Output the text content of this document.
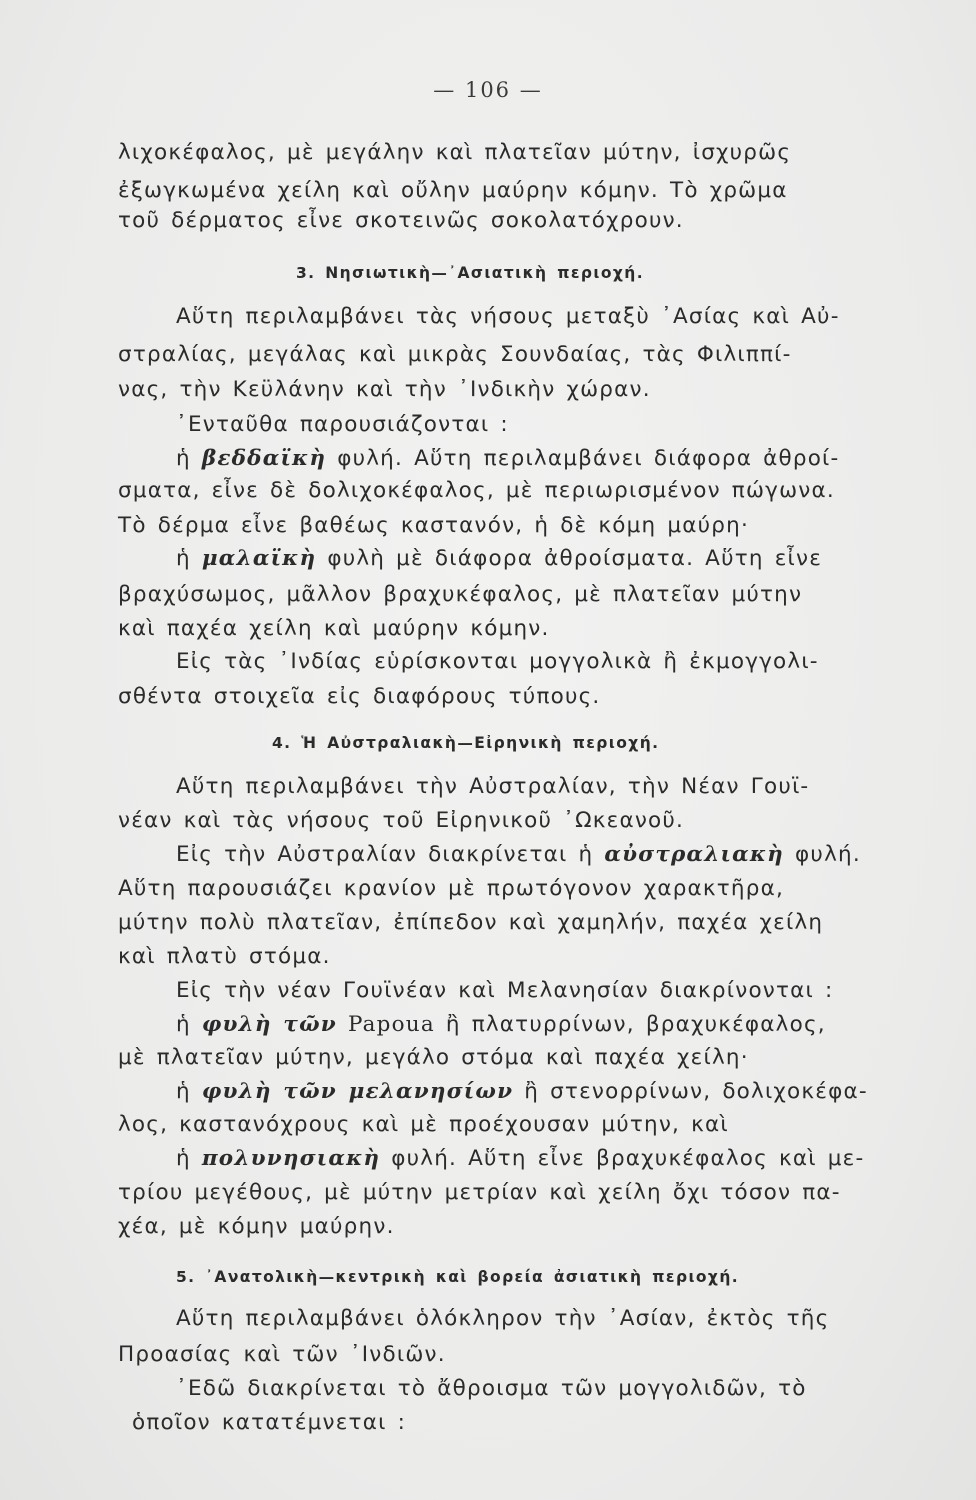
— 106 —
λιχοκέφαλος, μὲ μεγάλην καὶ πλατεῖαν μύτην, ἰσχυρῶς
ἐξωγκωμένα χείλη καὶ οὔλην μαύρην κόμην. Τὸ χρῶμα
τοῦ δέρματος εἶνε σκοτεινῶς σοκολατόχρουν.
3. Νησιωτικὴ—᾿Ασιατικὴ περιοχή.
Αὕτη περιλαμβάνει τὰς νήσους μεταξὺ ᾿Ασίας καὶ Αὐ-
στραλίας, μεγάλας καὶ μικρὰς Σουνδαίας, τὰς Φιλιππί-
νας, τὴν Κεϋλάνην καὶ τὴν ᾿Ινδικὴν χώραν.
᾿Ενταῦθα παρουσιάζονται :
ἡ βεδδαϊκὴ φυλή. Αὕτη περιλαμβάνει διάφορα ἀθροί-
σματα, εἶνε δὲ δολιχοκέφαλος, μὲ περιωρισμένον πώγωνα.
Τὸ δέρμα εἶνε βαθέως καστανόν, ἡ δὲ κόμη μαύρη·
ἡ μαλαϊκὴ φυλὴ μὲ διάφορα ἀθροίσματα. Αὕτη εἶνε
βραχύσωμος, μᾶλλον βραχυκέφαλος, μὲ πλατεῖαν μύτην
καὶ παχέα χείλη καὶ μαύρην κόμην.
Εἰς τὰς ᾿Ινδίας εὑρίσκονται μογγολικὰ ἢ ἐκμογγολι-
σθέντα στοιχεῖα εἰς διαφόρους τύπους.
4. Ἡ Αὐστραλιακὴ—Εἰρηνικὴ περιοχή.
Αὕτη περιλαμβάνει τὴν Αὐστραλίαν, τὴν Νέαν Γουϊ-
νέαν καὶ τὰς νήσους τοῦ Εἰρηνικοῦ ᾿Ωκεανοῦ.
Εἰς τὴν Αὐστραλίαν διακρίνεται ἡ αὐστραλιακὴ φυλή.
Αὕτη παρουσιάζει κρανίον μὲ πρωτόγονον χαρακτῆρα,
μύτην πολὺ πλατεῖαν, ἐπίπεδον καὶ χαμηλήν, παχέα χείλη
καὶ πλατὺ στόμα.
Εἰς τὴν νέαν Γουϊνέαν καὶ Μελανησίαν διακρίνονται :
ἡ φυλὴ τῶν Papoua ἢ πλατυρρίνων, βραχυκέφαλος,
μὲ πλατεῖαν μύτην, μεγάλο στόμα καὶ παχέα χείλη·
ἡ φυλὴ τῶν μελανησίων ἢ στενορρίνων, δολιχοκέφα-
λος, καστανόχρους καὶ μὲ προέχουσαν μύτην, καὶ
ἡ πολυνησιακὴ φυλή. Αὕτη εἶνε βραχυκέφαλος καὶ με-
τρίου μεγέθους, μὲ μύτην μετρίαν καὶ χείλη ὄχι τόσον πα-
χέα, μὲ κόμην μαύρην.
5. ᾿Ανατολικὴ—κεντρικὴ καὶ βορεία ἀσιατικὴ περιοχή.
Αὕτη περιλαμβάνει ὁλόκληρον τὴν ᾿Ασίαν, ἐκτὸς τῆς
Προασίας καὶ τῶν ᾿Ινδιῶν.
᾿Εδῶ διακρίνεται τὸ ἄθροισμα τῶν μογγολιδῶν, τὸ
ὁποῖον κατατέμνεται :
